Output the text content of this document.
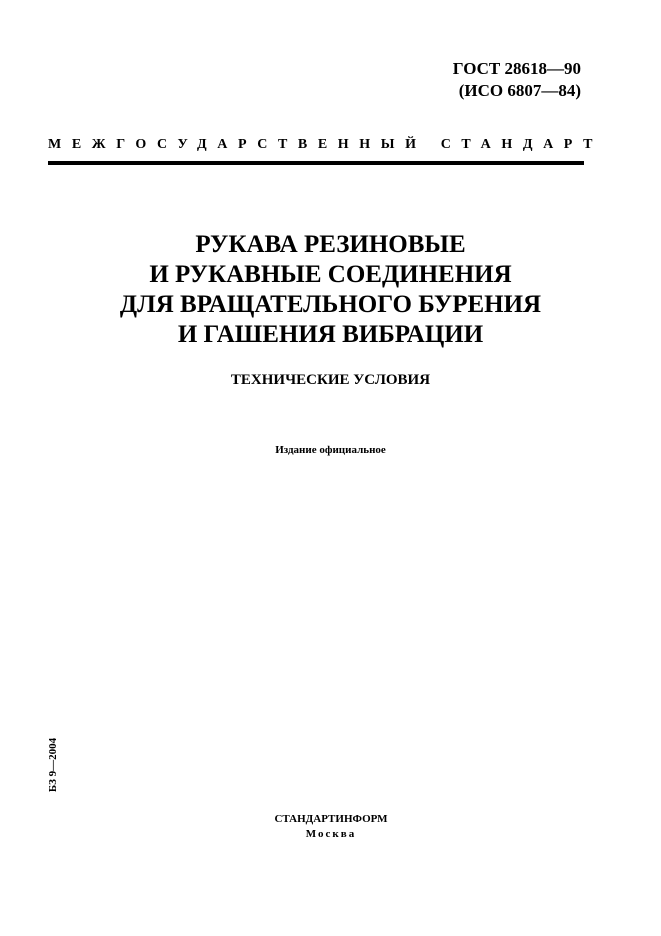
ГОСТ 28618—90
(ИСО 6807—84)
МЕЖГОСУДАРСТВЕННЫЙ СТАНДАРТ
РУКАВА РЕЗИНОВЫЕ
И РУКАВНЫЕ СОЕДИНЕНИЯ
ДЛЯ ВРАЩАТЕЛЬНОГО БУРЕНИЯ
И ГАШЕНИЯ ВИБРАЦИИ
ТЕХНИЧЕСКИЕ УСЛОВИЯ
Издание официальное
БЗ 9—2004
СТАНДАРТИНФОРМ
Москва
